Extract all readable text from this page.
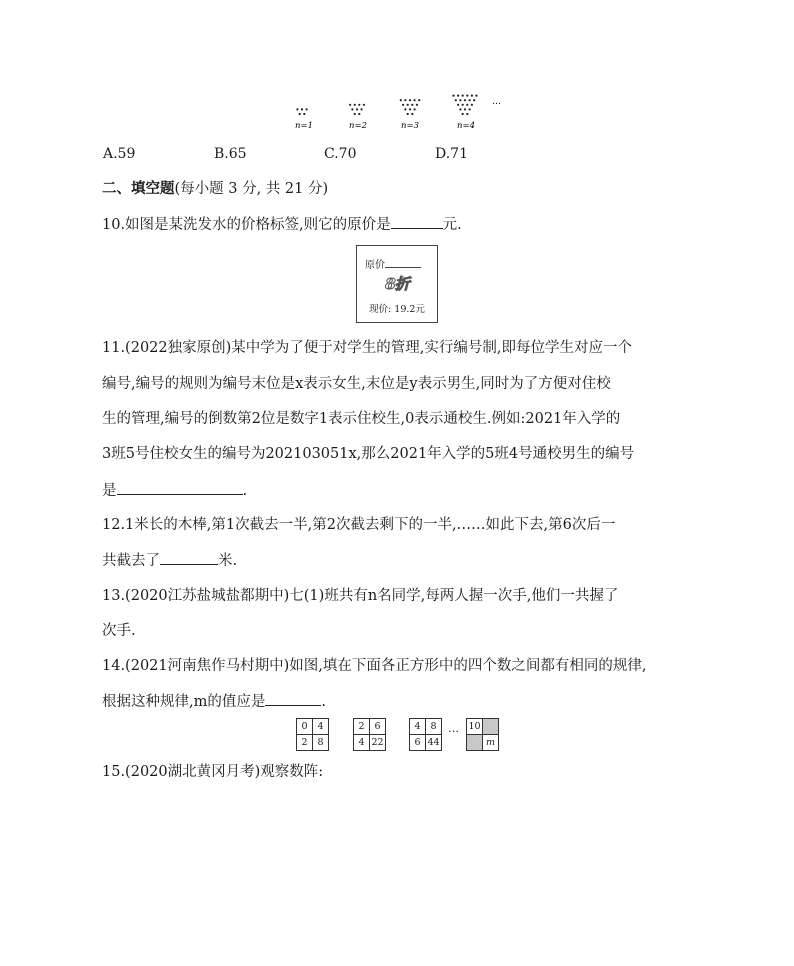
n=1	n=2	n=3	n=4
…
A.59	B.65	C.70	D.71
二、填空题(每小题 3 分, 共 21 分)
10.如图是某洗发水的价格标签,则它的原价是	元.
原价
8折
现价: 19.2元
11.(2022独家原创)某中学为了便于对学生的管理,实行编号制,即每位学生对应一个
编号,编号的规则为编号末位是x表示女生,末位是y表示男生,同时为了方便对住校
生的管理,编号的倒数第2位是数字1表示住校生,0表示通校生.例如:2021年入学的
3班5号住校女生的编号为202103051x,那么2021年入学的5班4号通校男生的编号
是	.
12.1米长的木棒,第1次截去一半,第2次截去剩下的一半,……如此下去,第6次后一
共截去了	米.
13.(2020江苏盐城盐都期中)七(1)班共有n名同学,每两人握一次手,他们一共握了
次手.
14.(2021河南焦作马村期中)如图,填在下面各正方形中的四个数之间都有相同的规律,
根据这种规律,m的值应是	.
0	4
2	8
2	6
4	22
4	8
6	44
… 10	
	m
15.(2020湖北黄冈月考)观察数阵:
